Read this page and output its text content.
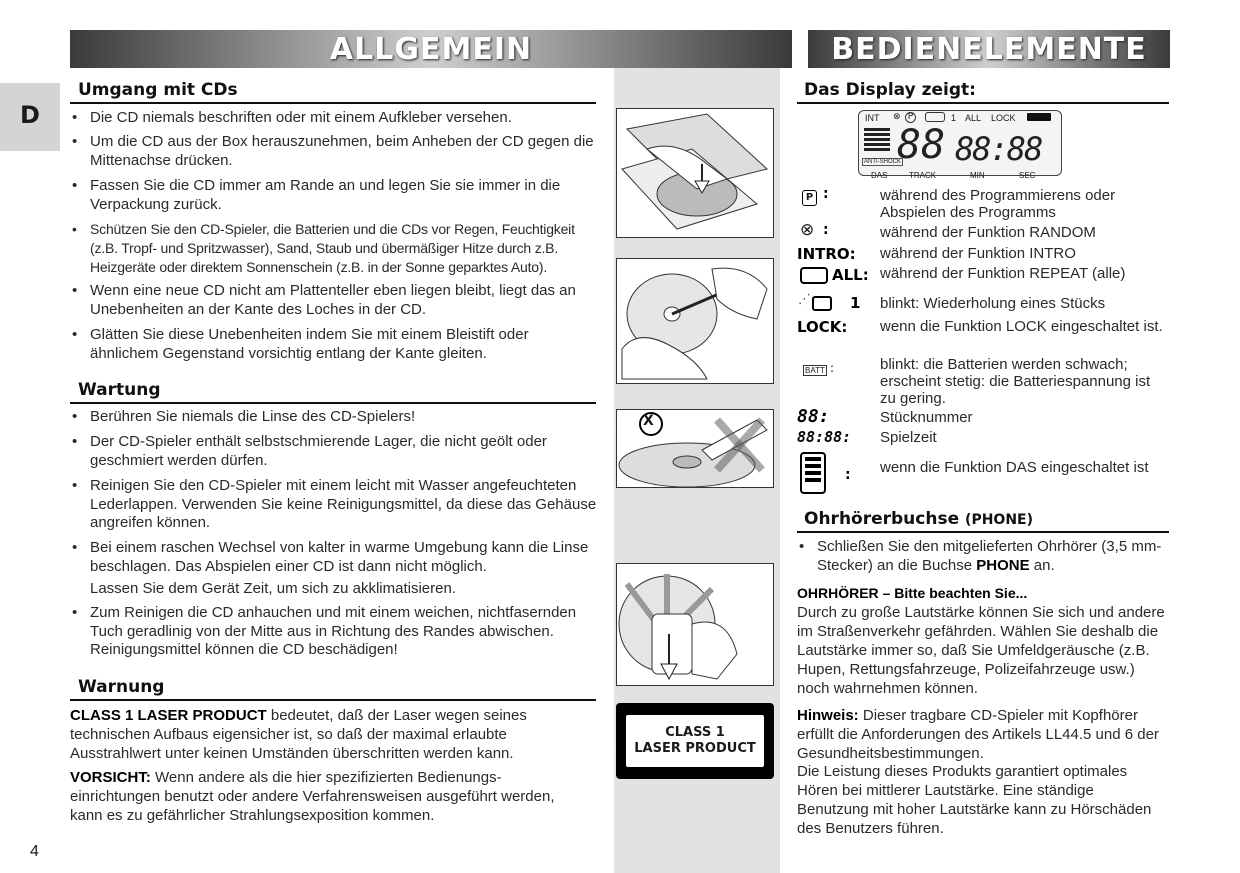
D
ALLGEMEIN	BEDIENELEMENTE
Umgang mit CDs
• Die CD niemals beschriften oder mit einem Aufkleber versehen.
• Um die CD aus der Box herauszunehmen, beim Anheben der CD gegen die Mittenachse drücken.
• Fassen Sie die CD immer am Rande an und legen Sie sie immer in die Verpackung zurück.
• Schützen Sie den CD-Spieler, die Batterien und die CDs vor Regen, Feuchtigkeit (z.B. Tropf- und Spritzwasser), Sand, Staub und übermäßiger Hitze durch z.B. Heizgeräte oder direktem Sonnenschein (z.B. in der Sonne geparktes Auto).
• Wenn eine neue CD nicht am Plattenteller eben liegen bleibt, liegt das an Unebenheiten an der Kante des Loches in der CD.
• Glätten Sie diese Unebenheiten indem Sie mit einem Bleistift oder ähnlichem Gegenstand vorsichtig entlang der Kante gleiten.
Wartung
• Berühren Sie niemals die Linse des CD-Spielers!
• Der CD-Spieler enthält selbstschmierende Lager, die nicht geölt oder geschmiert werden dürfen.
• Reinigen Sie den CD-Spieler mit einem leicht mit Wasser angefeuchteten Lederlappen. Verwenden Sie keine Reinigungsmittel, da diese das Gehäuse angreifen können.
• Bei einem raschen Wechsel von kalter in warme Umgebung kann die Linse beschlagen. Das Abspielen einer CD ist dann nicht möglich.
Lassen Sie dem Gerät Zeit, um sich zu akklimatisieren.
• Zum Reinigen die CD anhauchen und mit einem weichen, nichtfasernden Tuch geradlinig von der Mitte aus in Richtung des Randes abwischen. Reinigungsmittel können die CD beschädigen!
Warnung
CLASS 1 LASER PRODUCT bedeutet, daß der Laser wegen seines technischen Aufbaus eigensicher ist, so daß der maximal erlaubte Ausstrahlwert unter keinen Umständen überschritten werden kann.
VORSICHT: Wenn andere als die hier spezifizierten Bedienungs-einrichtungen benutzt oder andere Verfahrensweisen ausgeführt werden, kann es zu gefährlicher Strahlungsexposition kommen.
X
CLASS 1
LASER PRODUCT
Das Display zeigt:
INT ⊗ P	1 ALL LOCK
ANTI-SHOCK
88 88:88
DAS	TRACK	MIN	SEC
P :	während des Programmierens oder Abspielen des Programms
⊗ :	während der Funktion RANDOM
INTRO: während der Funktion INTRO
ALL: während der Funktion REPEAT (alle)
⋰	1 blinkt: Wiederholung eines Stücks
LOCK: wenn die Funktion LOCK eingeschaltet ist.
BATT :	blinkt: die Batterien werden schwach; erscheint stetig: die Batteriespannung ist zu gering.
88:	Stücknummer
88:88: Spielzeit
: wenn die Funktion DAS eingeschaltet ist
Ohrhörerbuchse (PHONE)
• Schließen Sie den mitgelieferten Ohrhörer (3,5 mm-Stecker) an die Buchse PHONE an.
OHRHÖRER – Bitte beachten Sie...
Durch zu große Lautstärke können Sie sich und andere im Straßenverkehr gefährden. Wählen Sie deshalb die Lautstärke immer so, daß Sie Umfeldgeräusche (z.B. Hupen, Rettungsfahrzeuge, Polizeifahrzeuge usw.) noch wahrnehmen können.
Hinweis: Dieser tragbare CD-Spieler mit Kopfhörer erfüllt die Anforderungen des Artikels LL44.5 und 6 der Gesundheitsbestimmungen.
Die Leistung dieses Produkts garantiert optimales Hören bei mittlerer Lautstärke. Eine ständige Benutzung mit hoher Lautstärke kann zu Hörschäden des Benutzers führen.
4
